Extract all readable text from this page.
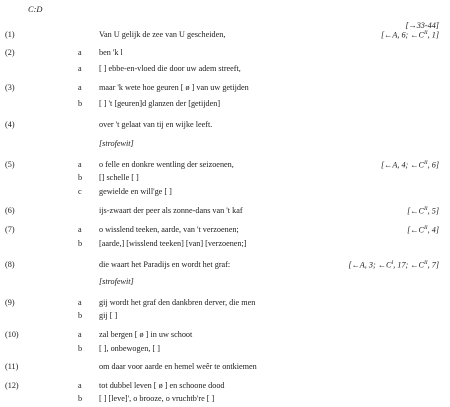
C:D
[→33-44]
(1)	Van U gelijk de zee van U gescheiden,	[←A, 6; $\leftarrow C^{II}$, 1]
(2)	a ben 'k l
a [ ] ebbe-en-vloed die door uw adem streeft,
(3)	a maar 'k wete hoe geuren [ ø ] van uw getijden
b [ ] 't [geuren]d glanzen der [getijden]
(4)	over 't gelaat van tij en wijke leeft.
[strofewit]
(5)	a o felle en donkre wentling der seizoenen,	[←A, 4; $\leftarrow C^{II}$, 6]
b [] schelle [ ]
c gewielde en will'ge [ ]
(6)	ijs-zwaart der peer als zonne-dans van 't kaf	[$\leftarrow C^{II}$, 5]
(7)	a o wisslend teeken, aarde, van 't verzoenen;	[$\leftarrow C^{II}$, 4]
b [aarde,] [wisslend teeken] [van] [verzoenen;]
(8)	die waart het Paradijs en wordt het graf:	[←A, 3; $\leftarrow C^I$, 17; $\leftarrow C^{II}$, 7]
[strofewit]
(9)	a gij wordt het graf den dankbren derver, die men
b gij [ ]
(10)	a zal bergen [ ø ] in uw schoot
b [ ], onbewogen, [ ]
(11)	om daar voor aarde en hemel weêr te ontkiemen
(12)	a tot dubbel leven [ ø ] en schoone dood
b [ ] [leve]', o brooze, o vruchtb're [ ]
